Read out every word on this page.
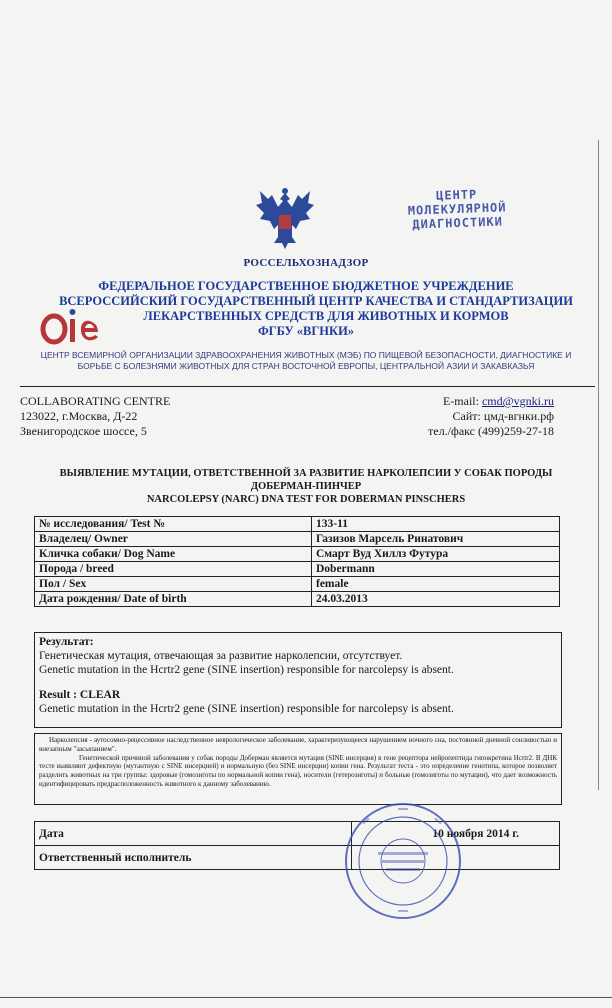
ЦЕНТР
МОЛЕКУЛЯРНОЙ
ДИАГНОСТИКИ
РОССЕЛЬХОЗНАДЗОР
ФЕДЕРАЛЬНОЕ ГОСУДАРСТВЕННОЕ БЮДЖЕТНОЕ УЧРЕЖДЕНИЕ
ВСЕРОССИЙСКИЙ ГОСУДАРСТВЕННЫЙ ЦЕНТР КАЧЕСТВА И СТАНДАРТИЗАЦИИ
ЛЕКАРСТВЕННЫХ СРЕДСТВ ДЛЯ ЖИВОТНЫХ И КОРМОВ
ФГБУ «ВГНКИ»
ЦЕНТР ВСЕМИРНОЙ ОРГАНИЗАЦИИ ЗДРАВООХРАНЕНИЯ ЖИВОТНЫХ (МЭБ) ПО ПИЩЕВОЙ БЕЗОПАСНОСТИ, ДИАГНОСТИКЕ И БОРЬБЕ С БОЛЕЗНЯМИ ЖИВОТНЫХ ДЛЯ СТРАН ВОСТОЧНОЙ ЕВРОПЫ, ЦЕНТРАЛЬНОЙ АЗИИ И ЗАКАВКАЗЬЯ
COLLABORATING CENTRE
123022, г.Москва, Д-22
Звенигородское шоссе, 5
E-mail: cmd@vgnki.ru
Сайт: цмд-вгнки.рф
тел./факс (499)259-27-18
ВЫЯВЛЕНИЕ МУТАЦИИ, ОТВЕТСТВЕННОЙ ЗА РАЗВИТИЕ НАРКОЛЕПСИИ У СОБАК ПОРОДЫ
ДОБЕРМАН-ПИНЧЕР
NARCOLEPSY (NARC) DNA TEST FOR DOBERMAN PINSCHERS
№ исследования/ Test №	133-11
Владелец/ Owner	Газизов Марсель Ринатович
Кличка собаки/ Dog Name	Смарт Вуд Хиллз Футура
Порода / breed	Dobermann
Пол / Sex	female
Дата рождения/ Date of birth	24.03.2013
Результат:
Генетическая мутация, отвечающая за развитие нарколепсии, отсутствует.
Genetic mutation in the Hcrtr2 gene (SINE insertion) responsible for narcolepsy is absent.
Result : CLEAR
Genetic mutation in the Hcrtr2 gene (SINE insertion) responsible for narcolepsy is absent.
Нарколепсия - аутосомно-рецессивное наследственное неврологическое заболевание, характеризующееся нарушением ночного сна, постоянной дневной сонливостью и внезапным "засыпанием".
Генетической причиной заболевания у собак породы Доберман является мутация (SINE инсерция) в гене рецептора нейропептида гипокретина Hcrtr2. В ДНК тесте выявляют дефектную (мутантную с SINE инсерцией) и нормальную (без SINE инсерции) копии гена. Результат теста - это определение генотипа, которое позволяет разделить животных на три группы: здоровые (гомозиготы по нормальной копии гена), носители (гетерозиготы) и больные (гомозиготы по мутации), что дает возможность идентифицировать предрасположенность животного к данному заболеванию.
Дата	10 ноября 2014 г.
Ответственный исполнитель	
